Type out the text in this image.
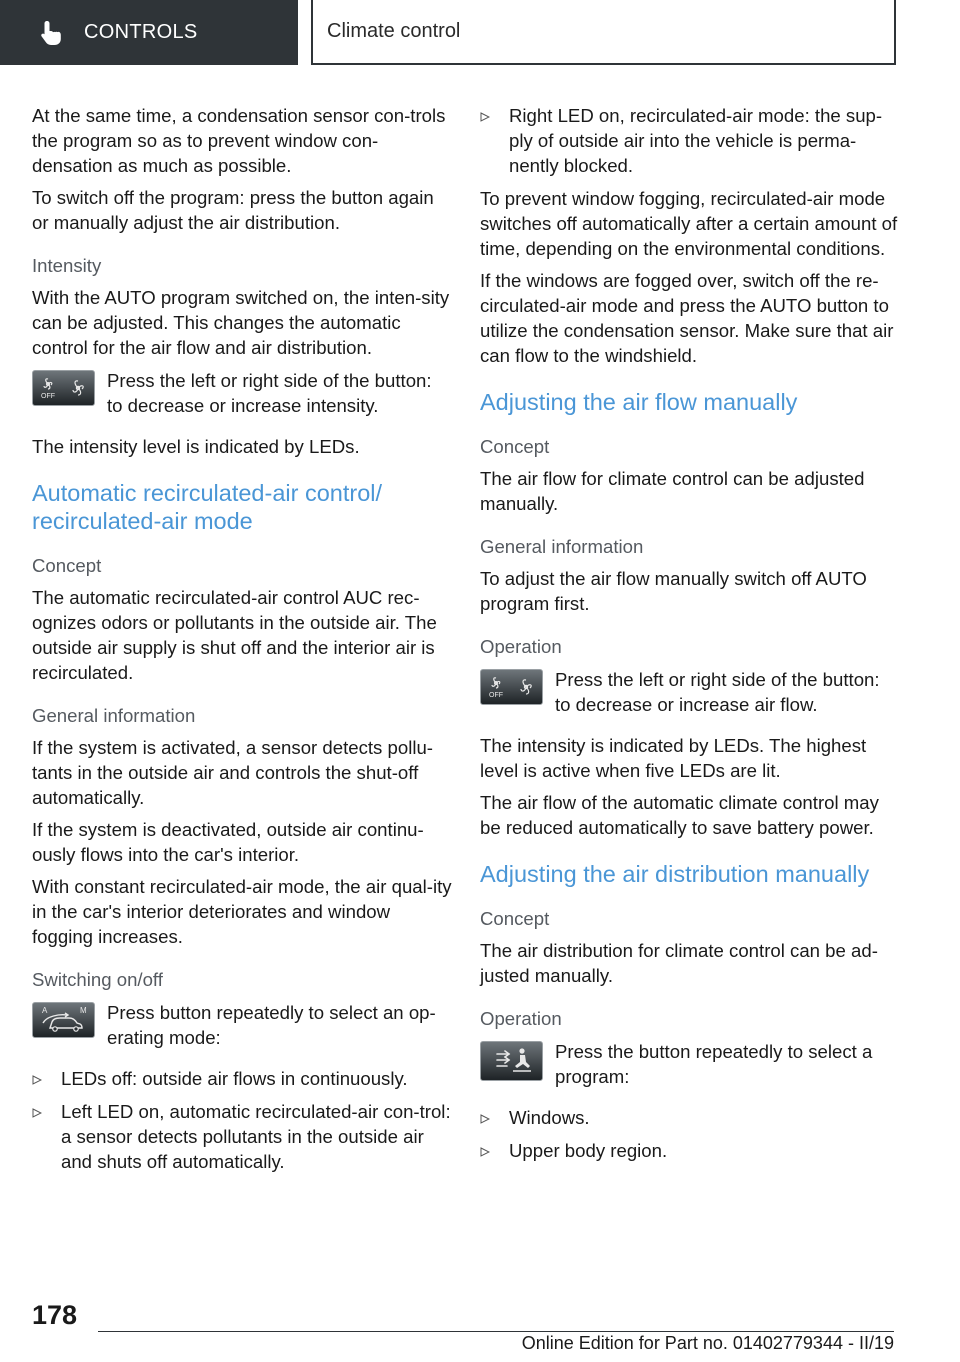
CONTROLS	Climate control

At the same time, a condensation sensor con-trols the program so as to prevent window con-densation as much as possible.

To switch off the program: press the button again or manually adjust the air distribution.

Intensity

With the AUTO program switched on, the inten-sity can be adjusted. This changes the automatic control for the air flow and air distribution.

OFF
Press the left or right side of the button: to decrease or increase intensity.

The intensity level is indicated by LEDs.

Automatic recirculated-air control/ recirculated-air mode
Concept

The automatic recirculated-air control AUC rec-ognizes odors or pollutants in the outside air. The outside air supply is shut off and the interior air is recirculated.

General information

If the system is activated, a sensor detects pollu-tants in the outside air and controls the shut-off automatically.

If the system is deactivated, outside air continu-ously flows into the car's interior.

With constant recirculated-air mode, the air qual-ity in the car's interior deteriorates and window fogging increases.

Switching on/off
A	M Press button repeatedly to select an op-erating mode:
LEDs off: outside air flows in continuously.
Left LED on, automatic recirculated-air con-trol: a sensor detects pollutants in the outside air and shuts off automatically.
Right LED on, recirculated-air mode: the sup-ply of outside air into the vehicle is perma-nently blocked.

To prevent window fogging, recirculated-air mode switches off automatically after a certain amount of time, depending on the environmental conditions.

If the windows are fogged over, switch off the re-circulated-air mode and press the AUTO button to utilize the condensation sensor. Make sure that air can flow to the windshield.

Adjusting the air flow manually
Concept

The air flow for climate control can be adjusted manually.

General information

To adjust the air flow manually switch off AUTO program first.

Operation
OFF
Press the left or right side of the button: to decrease or increase air flow.

The intensity is indicated by LEDs. The highest level is active when five LEDs are lit.

The air flow of the automatic climate control may be reduced automatically to save battery power.

Adjusting the air distribution manually
Concept

The air distribution for climate control can be ad-justed manually.

Operation
Press the button repeatedly to select a program:
Windows.
Upper body region.
178
Online Edition for Part no. 01402779344 - II/19
